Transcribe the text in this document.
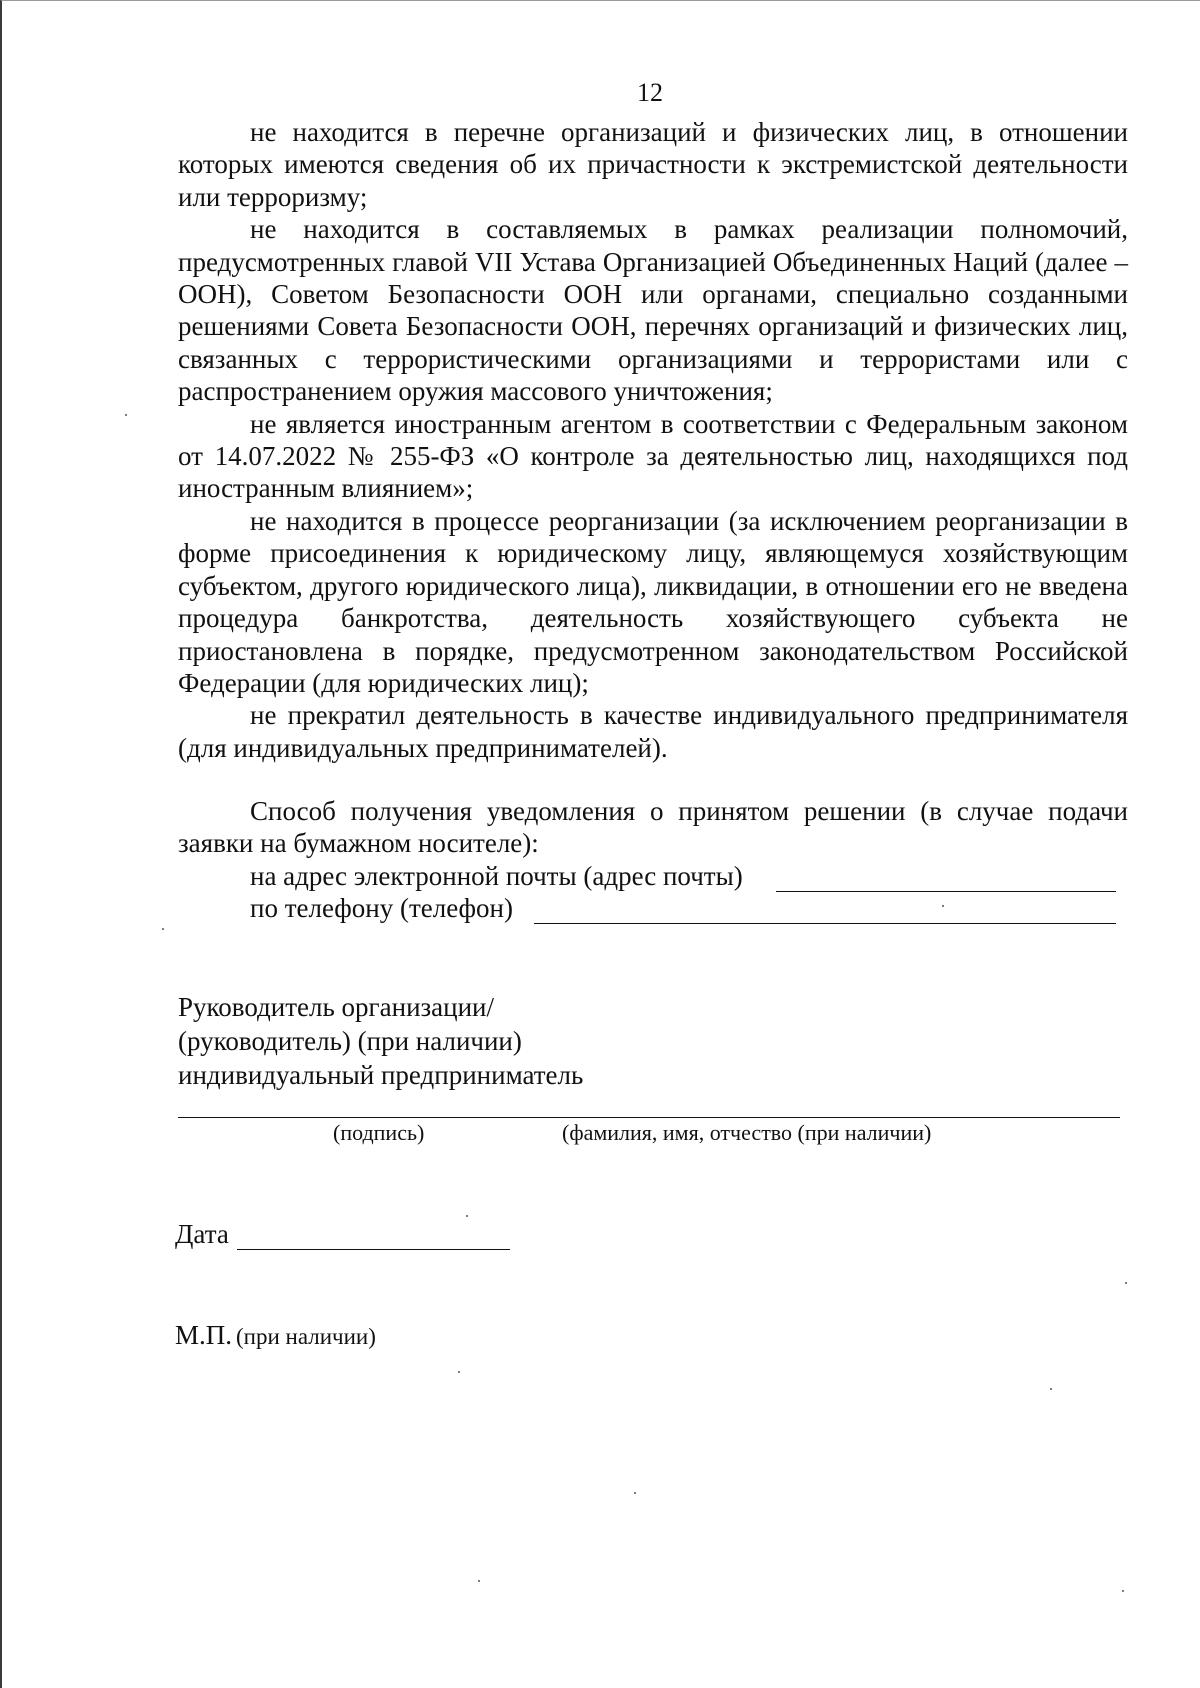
12

не находится в перечне организаций и физических лиц, в отношении которых имеются сведения об их причастности к экстремистской деятельности или терроризму;

не находится в составляемых в рамках реализации полномочий, предусмотренных главой VII Устава Организацией Объединенных Наций (далее – ООН), Советом Безопасности ООН или органами, специально созданными решениями Совета Безопасности ООН, перечнях организаций и физических лиц, связанных с террористическими организациями и террористами или с распространением оружия массового уничтожения;

не является иностранным агентом в соответствии с Федеральным законом от 14.07.2022 № 255-ФЗ «О контроле за деятельностью лиц, находящихся под иностранным влиянием»;

не находится в процессе реорганизации (за исключением реорганизации в форме присоединения к юридическому лицу, являющемуся хозяйствующим субъектом, другого юридического лица), ликвидации, в отношении его не введена процедура банкротства, деятельность хозяйствующего субъекта не приостановлена в порядке, предусмотренном законодательством Российской Федерации (для юридических лиц);

не прекратил деятельность в качестве индивидуального предпринимателя (для индивидуальных предпринимателей).

Способ получения уведомления о принятом решении (в случае подачи заявки на бумажном носителе):

на адрес электронной почты (адрес почты)
по телефону (телефон)
Руководитель организации/
(руководитель) (при наличии)
индивидуальный предприниматель
(подпись)	(фамилия, имя, отчество (при наличии)
Дата
М.П. (при наличии)
